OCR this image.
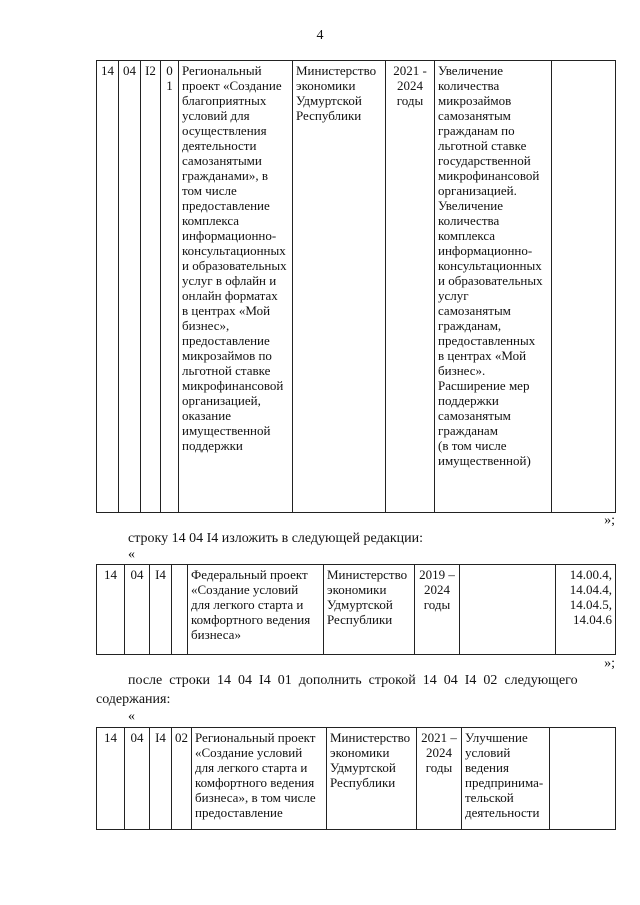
4
14	04	I2	01	Региональный
проект «Создание
благоприятных
условий для
осуществления
деятельности
самозанятыми
гражданами», в
том числе
предоставление
комплекса
информационно-
консультационных
и образовательных
услуг в офлайн и
онлайн форматах
в центрах «Мой
бизнес»,
предоставление
микрозаймов по
льготной ставке
микрофинансовой
организацией,
оказание
имущественной
поддержки	Министерство
экономики
Удмуртской
Республики	2021 -
2024
годы	Увеличение
количества
микрозаймов
самозанятым
гражданам по
льготной ставке
государственной
микрофинансовой
организацией.
Увеличение
количества
комплекса
информационно-
консультационных
и образовательных
услуг
самозанятым
гражданам,
предоставленных
в центрах «Мой
бизнес».
Расширение мер
поддержки
самозанятым
гражданам
(в том числе
имущественной)	
»;
строку 14 04 I4 изложить в следующей редакции:
«
14	04	I4		Федеральный проект
«Создание условий
для легкого старта и
комфортного ведения
бизнеса»	Министерство
экономики
Удмуртской
Республики	2019 –
2024
годы		14.00.4,
14.04.4,
14.04.5,
14.04.6
»;
после  строки  14  04  I4  01  дополнить  строкой  14  04  I4  02  следующего
содержания:
«
14	04	I4	02	Региональный проект
«Создание условий
для легкого старта и
комфортного ведения
бизнеса», в том числе
предоставление	Министерство
экономики
Удмуртской
Республики	2021 –
2024
годы	Улучшение
условий
ведения
предпринима-
тельской
деятельности	
